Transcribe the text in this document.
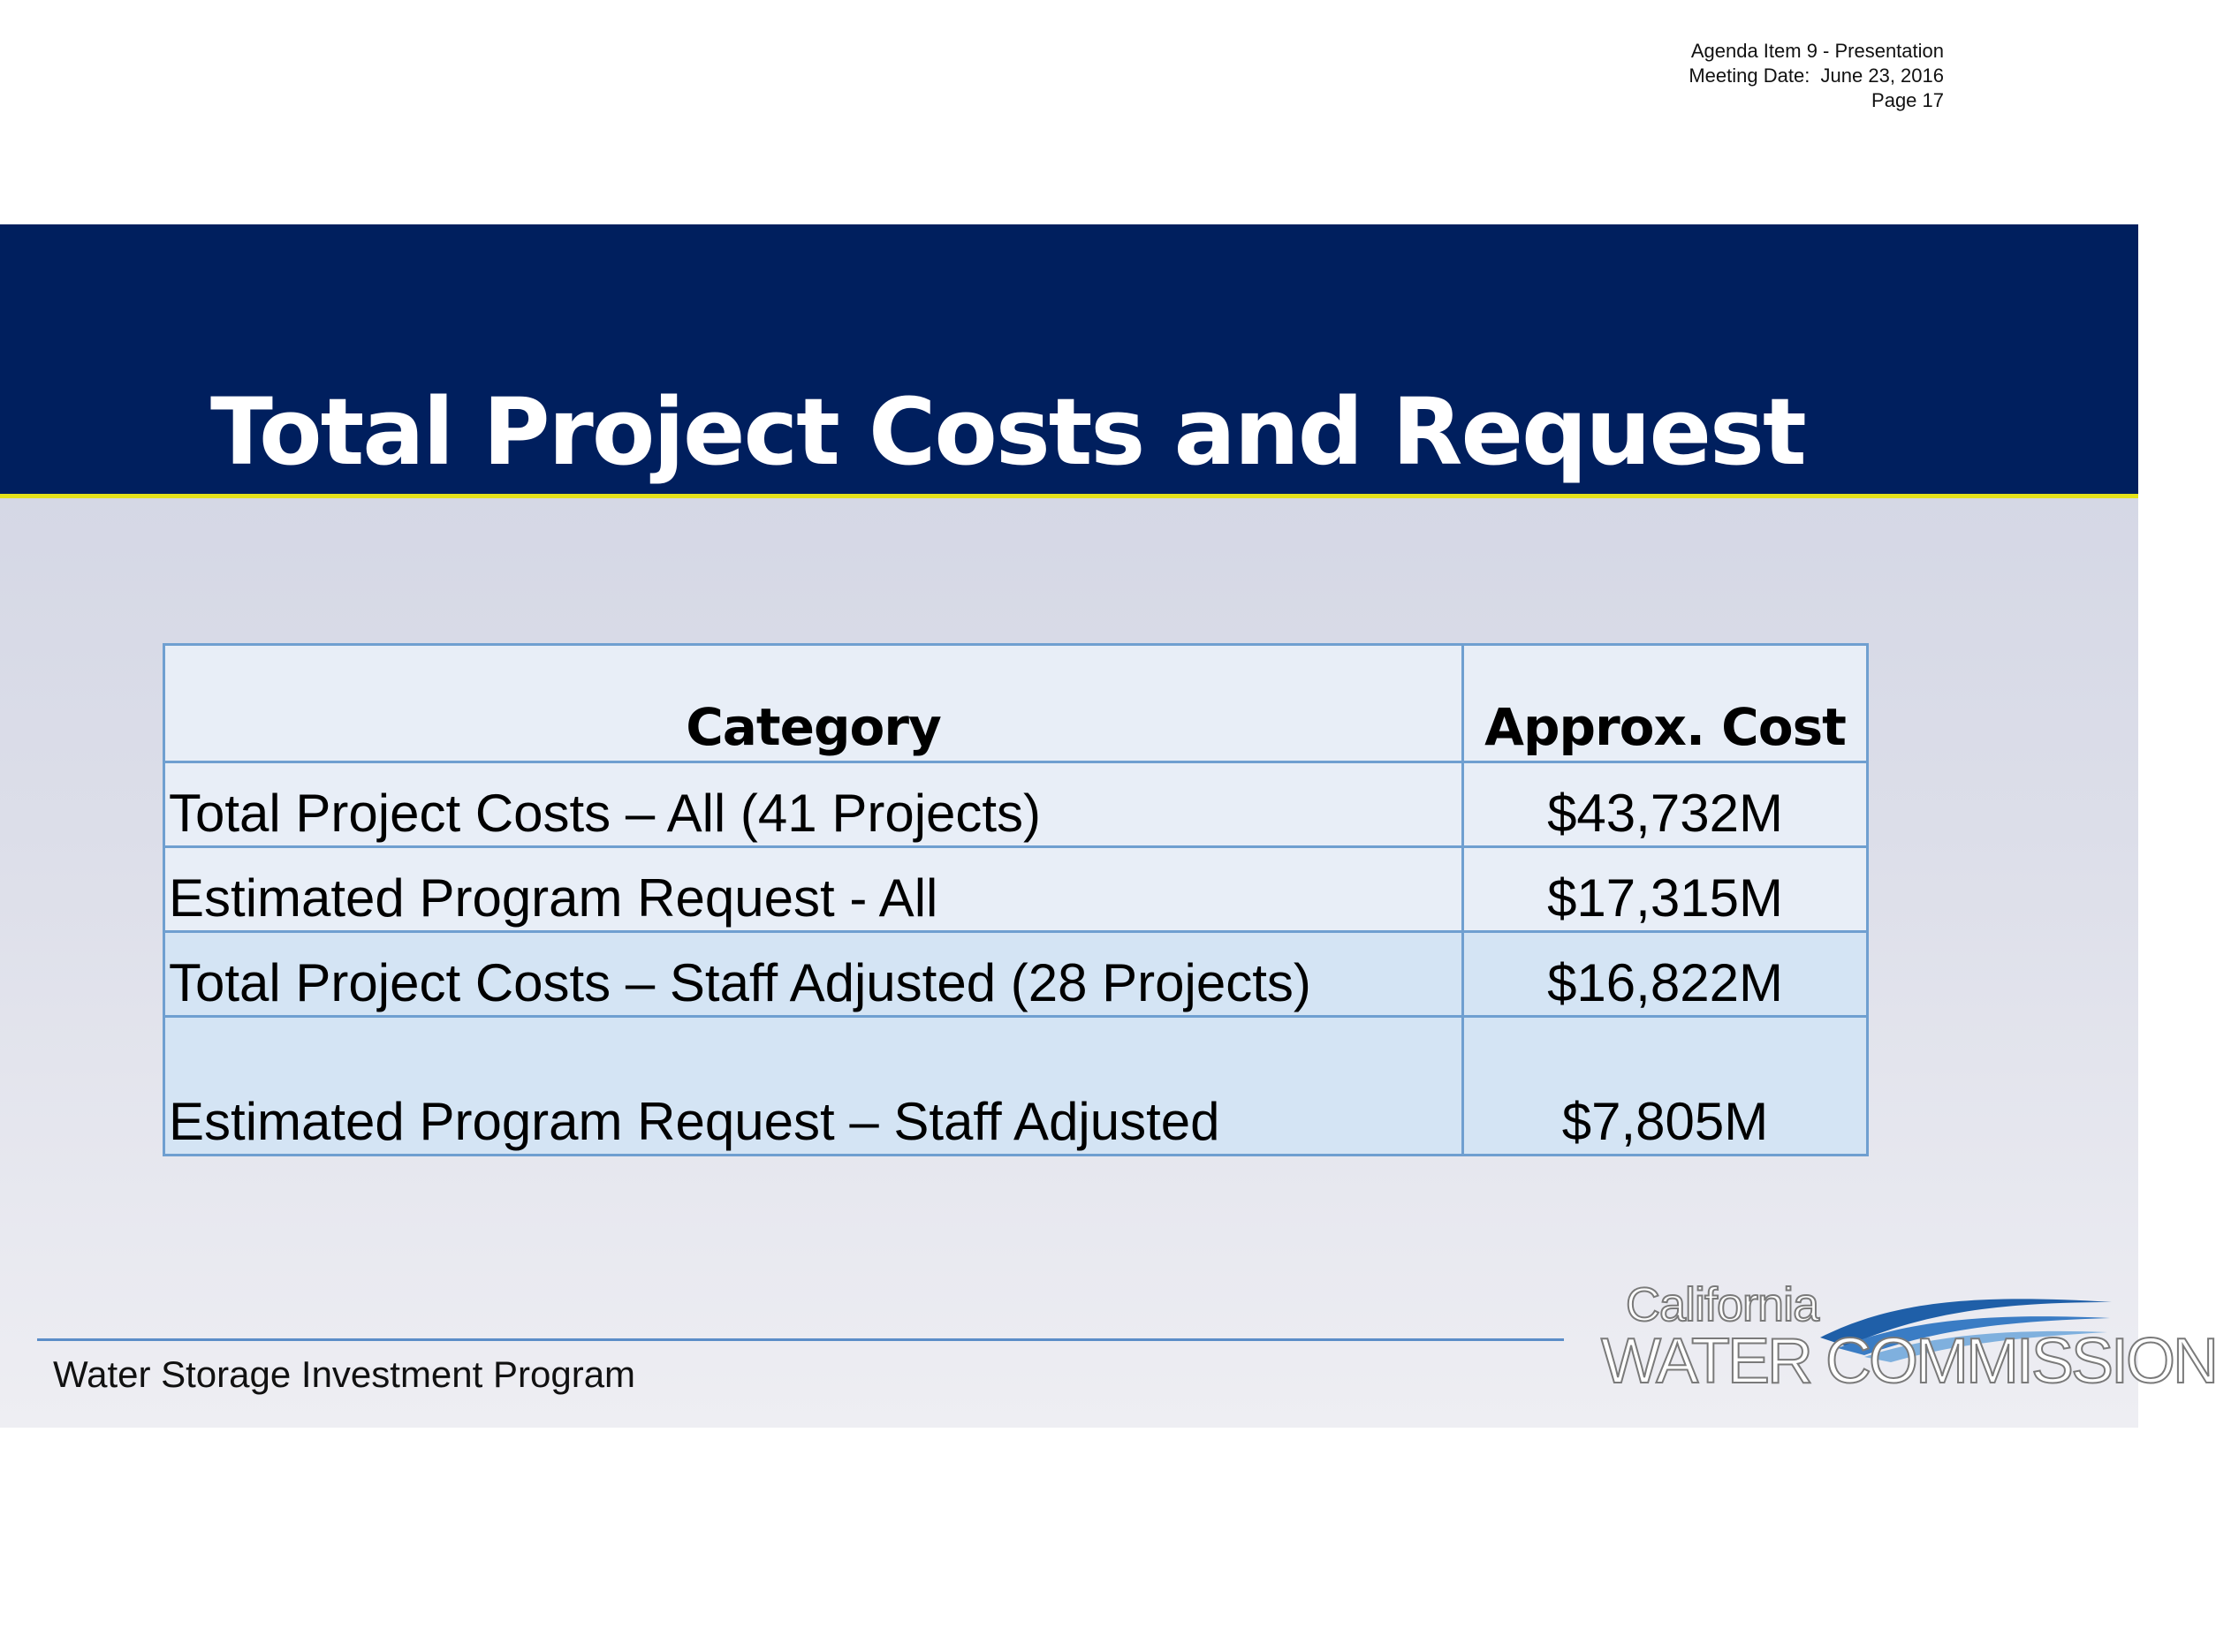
Agenda Item 9 - Presentation
Meeting Date:  June 23, 2016
Page 17
Total Project Costs and Request
Category	Approx. Cost
Total Project Costs – All (41 Projects)	$43,732M
Estimated Program Request - All	$17,315M
Total Project Costs – Staff Adjusted (28 Projects)	$16,822M
Estimated Program Request – Staff Adjusted	$7,805M
Water Storage Investment Program
California
WATER COMMISSION
